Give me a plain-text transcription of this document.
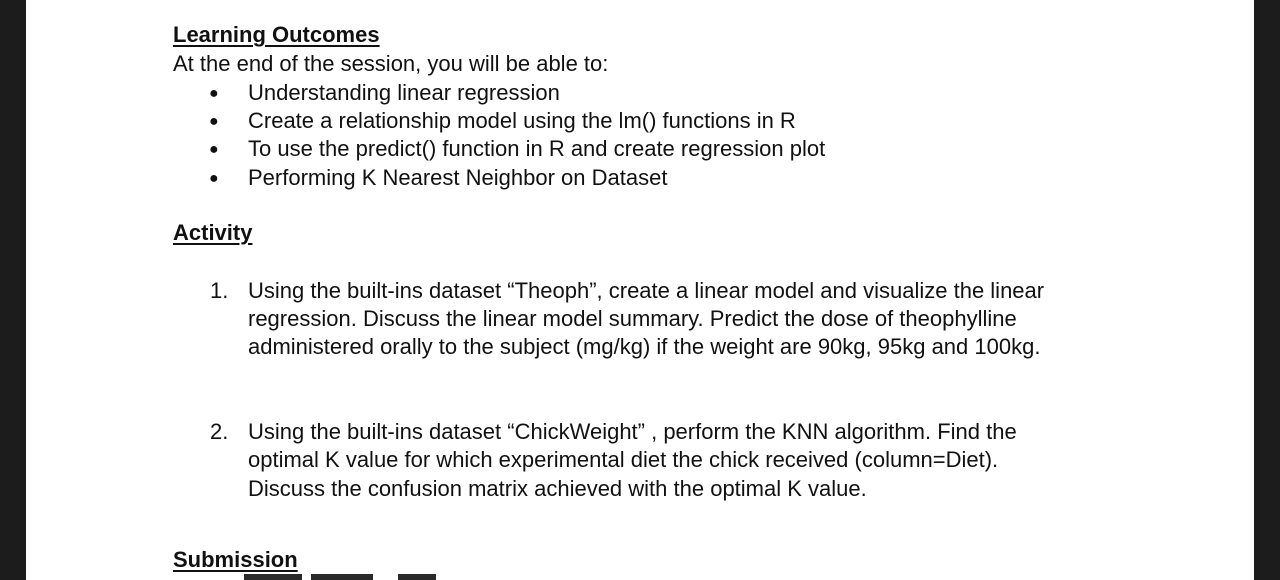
Learning Outcomes
At the end of the session, you will be able to:
● Understanding linear regression
● Create a relationship model using the lm() functions in R
● To use the predict() function in R and create regression plot
● Performing K Nearest Neighbor on Dataset
Activity
1. Using the built-ins dataset “Theoph”, create a linear model and visualize the linear
regression. Discuss the linear model summary. Predict the dose of theophylline
administered orally to the subject (mg/kg) if the weight are 90kg, 95kg and 100kg.
2. Using the built-ins dataset “ChickWeight” , perform the KNN algorithm. Find the
optimal K value for which experimental diet the chick received (column=Diet).
Discuss the confusion matrix achieved with the optimal K value.
Submission
